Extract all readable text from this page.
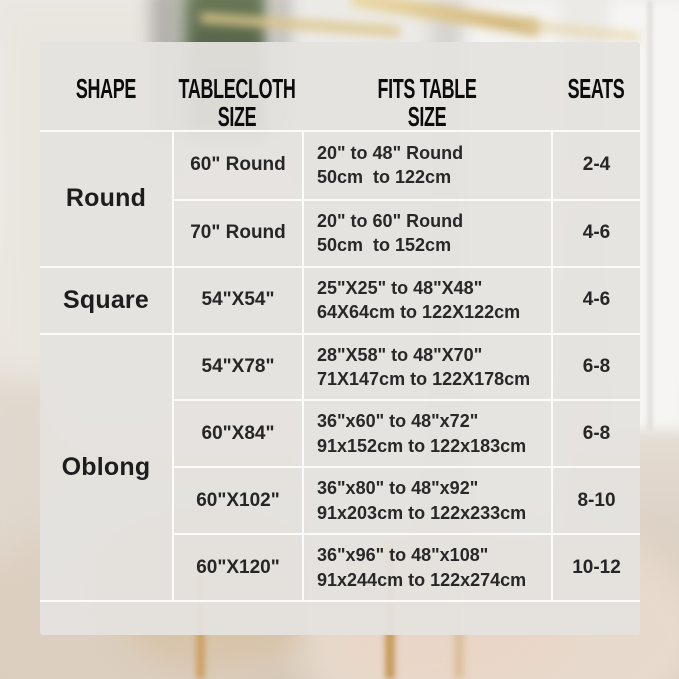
SHAPE	TABLECLOTH SIZE
FITS TABLE SIZE
SEATS
Round
60" Round
20" to 48" Round
50cm  to 122cm
2-4
70" Round
20" to 60" Round
50cm  to 152cm
4-6
Square	54"X54"
25"X25" to 48"X48"
64X64cm to 122X122cm
4-6
Oblong
54"X78"
28"X58" to 48"X70"
71X147cm to 122X178cm
6-8
60"X84"
36"x60" to 48"x72"
91x152cm to 122x183cm
6-8
60"X102"
36"x80" to 48"x92"
91x203cm to 122x233cm
8-10
60"X120"
36"x96" to 48"x108"
91x244cm to 122x274cm
10-12
